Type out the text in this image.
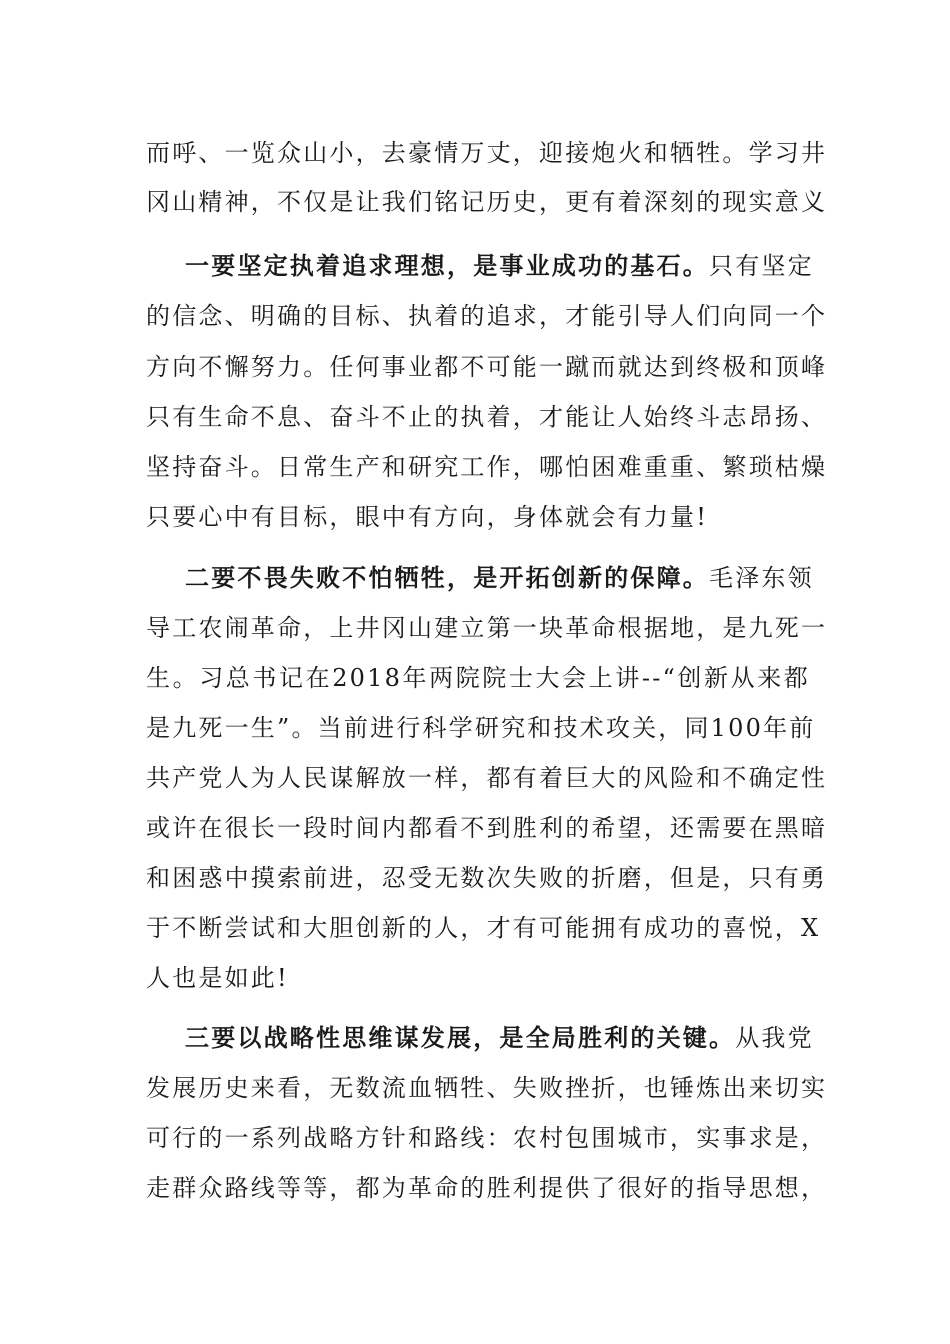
而呼、一览众山小，去豪情万丈，迎接炮火和牺牲。学习井
冈山精神，不仅是让我们铭记历史，更有着深刻的现实意义
一要坚定执着追求理想，是事业成功的基石。只有坚定
的信念、明确的目标、执着的追求，才能引导人们向同一个
方向不懈努力。任何事业都不可能一蹴而就达到终极和顶峰
只有生命不息、奋斗不止的执着，才能让人始终斗志昂扬、
坚持奋斗。日常生产和研究工作，哪怕困难重重、繁琐枯燥
只要心中有目标，眼中有方向，身体就会有力量!
二要不畏失败不怕牺牲，是开拓创新的保障。毛泽东领
导工农闹革命，上井冈山建立第一块革命根据地，是九死一
生。习总书记在2018年两院院士大会上讲--“创新从来都
是九死一生”。当前进行科学研究和技术攻关，同100年前
共产党人为人民谋解放一样，都有着巨大的风险和不确定性
或许在很长一段时间内都看不到胜利的希望，还需要在黑暗
和困惑中摸索前进，忍受无数次失败的折磨，但是，只有勇
于不断尝试和大胆创新的人，才有可能拥有成功的喜悦，X
人也是如此!
三要以战略性思维谋发展，是全局胜利的关键。从我党
发展历史来看，无数流血牺牲、失败挫折，也锤炼出来切实
可行的一系列战略方针和路线：农村包围城市，实事求是，
走群众路线等等，都为革命的胜利提供了很好的指导思想，
